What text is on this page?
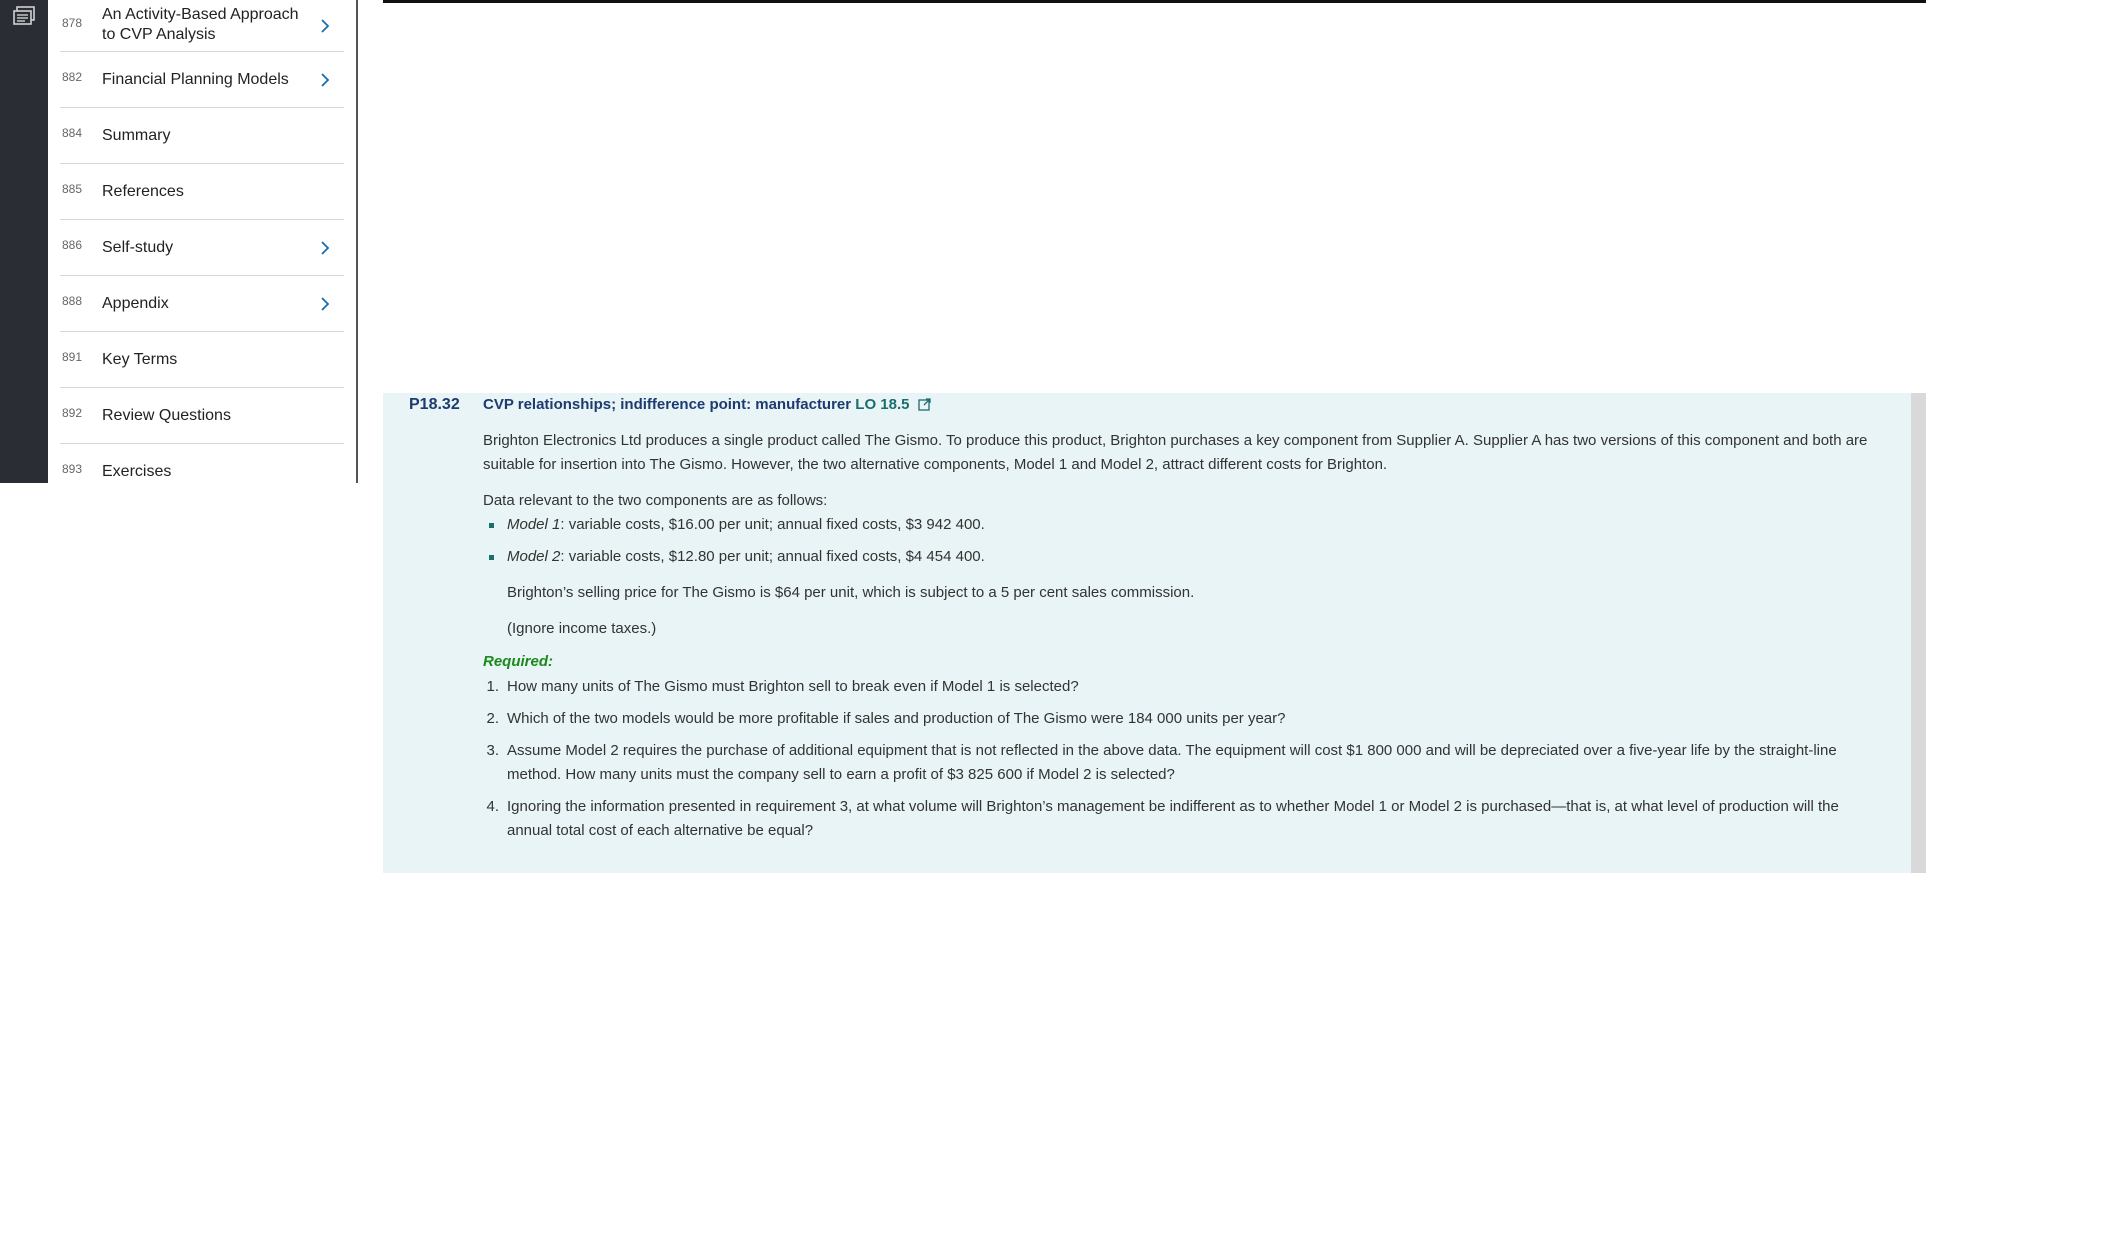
878 An Activity-Based Approach to CVP Analysis
882 Financial Planning Models
884 Summary
885 References
886 Self-study
888 Appendix
891 Key Terms
892 Review Questions
893 Exercises
P18.32 CVP relationships; indifference point: manufacturer LO 18.5
Brighton Electronics Ltd produces a single product called The Gismo. To produce this product, Brighton purchases a key component from Supplier A. Supplier A has two versions of this component and both are suitable for insertion into The Gismo. However, the two alternative components, Model 1 and Model 2, attract different costs for Brighton.
Data relevant to the two components are as follows:
Model 1: variable costs, $16.00 per unit; annual fixed costs, $3 942 400.
Model 2: variable costs, $12.80 per unit; annual fixed costs, $4 454 400.
Brighton’s selling price for The Gismo is $64 per unit, which is subject to a 5 per cent sales commission.
(Ignore income taxes.)
Required:
1. How many units of The Gismo must Brighton sell to break even if Model 1 is selected?
2. Which of the two models would be more profitable if sales and production of The Gismo were 184 000 units per year?
3. Assume Model 2 requires the purchase of additional equipment that is not reflected in the above data. The equipment will cost $1 800 000 and will be depreciated over a five-year life by the straight-line method. How many units must the company sell to earn a profit of $3 825 600 if Model 2 is selected?
4. Ignoring the information presented in requirement 3, at what volume will Brighton’s management be indifferent as to whether Model 1 or Model 2 is purchased—that is, at what level of production will the annual total cost of each alternative be equal?
